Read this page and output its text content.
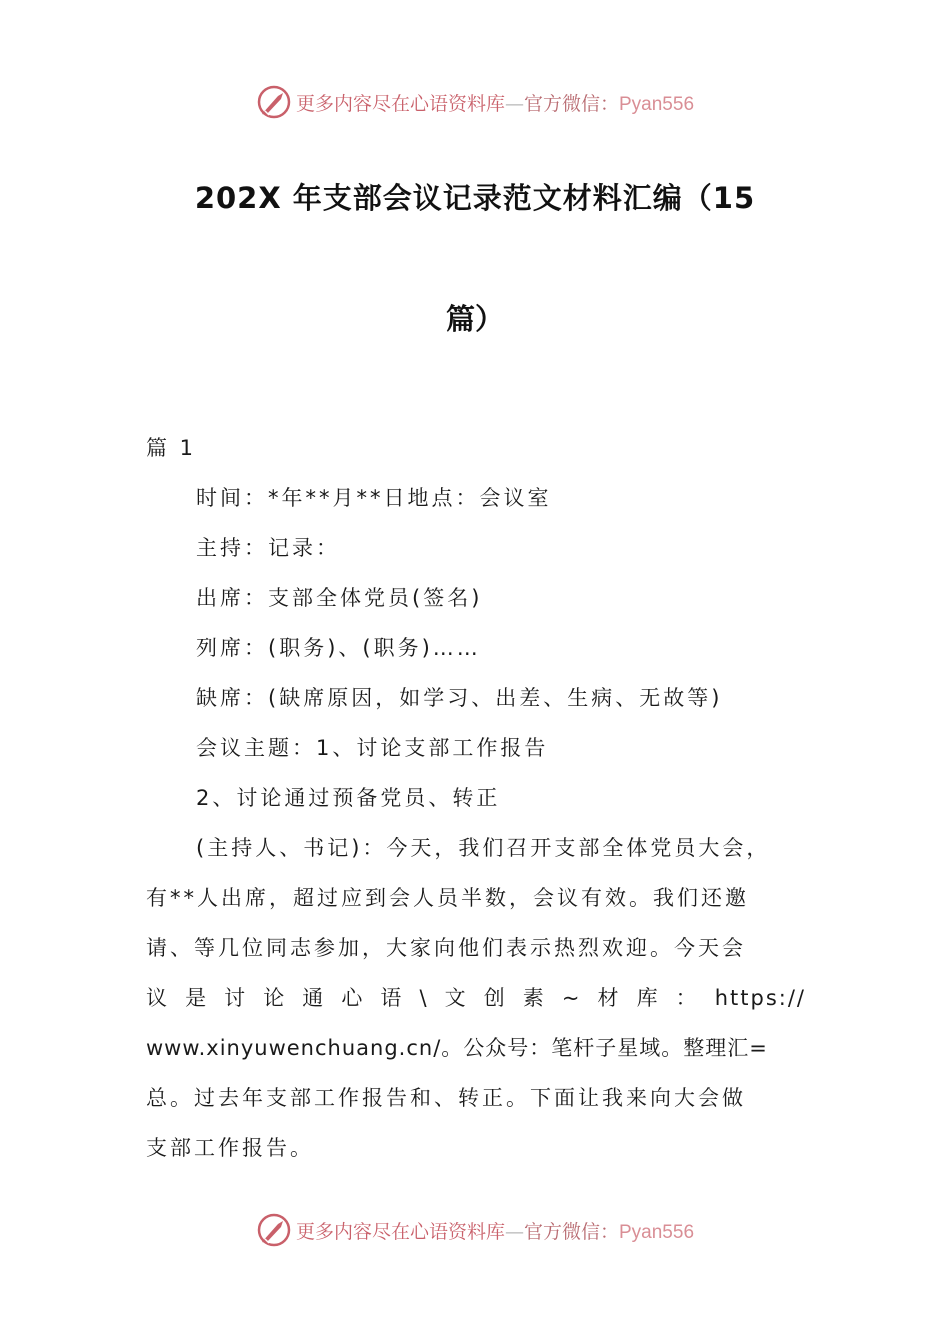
更多内容尽在心语资料库—官方微信：Pyan556
202X 年支部会议记录范文材料汇编（15
篇）

篇 1

时间：*年**月**日地点：会议室

主持：记录：

出席：支部全体党员(签名)

列席：(职务)、(职务)……

缺席：(缺席原因，如学习、出差、生病、无故等)

会议主题：1、讨论支部工作报告

2、讨论通过预备党员、转正

(主持人、书记)：今天，我们召开支部全体党员大会，

有**人出席，超过应到会人员半数，会议有效。我们还邀

请、等几位同志参加，大家向他们表示热烈欢迎。今天会

议是讨论通心语\文创素~材库：https://

www.xinyuwenchuang.cn/。公众号：笔杆子星域。整理汇=

总。过去年支部工作报告和、转正。下面让我来向大会做

支部工作报告。

更多内容尽在心语资料库—官方微信：Pyan556
